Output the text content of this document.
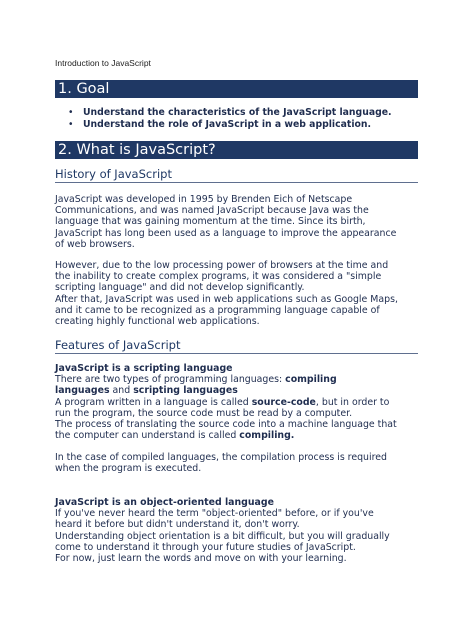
Introduction to JavaScript
1. Goal
• Understand the characteristics of the JavaScript language.
• Understand the role of JavaScript in a web application.
2. What is JavaScript?
History of JavaScript
JavaScript was developed in 1995 by Brenden Eich of Netscape
Communications, and was named JavaScript because Java was the
language that was gaining momentum at the time. Since its birth,
JavaScript has long been used as a language to improve the appearance
of web browsers.
However, due to the low processing power of browsers at the time and
the inability to create complex programs, it was considered a "simple
scripting language" and did not develop significantly.
After that, JavaScript was used in web applications such as Google Maps,
and it came to be recognized as a programming language capable of
creating highly functional web applications.
Features of JavaScript
JavaScript is a scripting language
There are two types of programming languages: compiling
languages and scripting languages
A program written in a language is called source-code, but in order to
run the program, the source code must be read by a computer.
The process of translating the source code into a machine language that
the computer can understand is called compiling.
In the case of compiled languages, the compilation process is required
when the program is executed.
JavaScript is an object-oriented language
If you've never heard the term "object-oriented" before, or if you've
heard it before but didn't understand it, don't worry.
Understanding object orientation is a bit difficult, but you will gradually
come to understand it through your future studies of JavaScript.
For now, just learn the words and move on with your learning.
